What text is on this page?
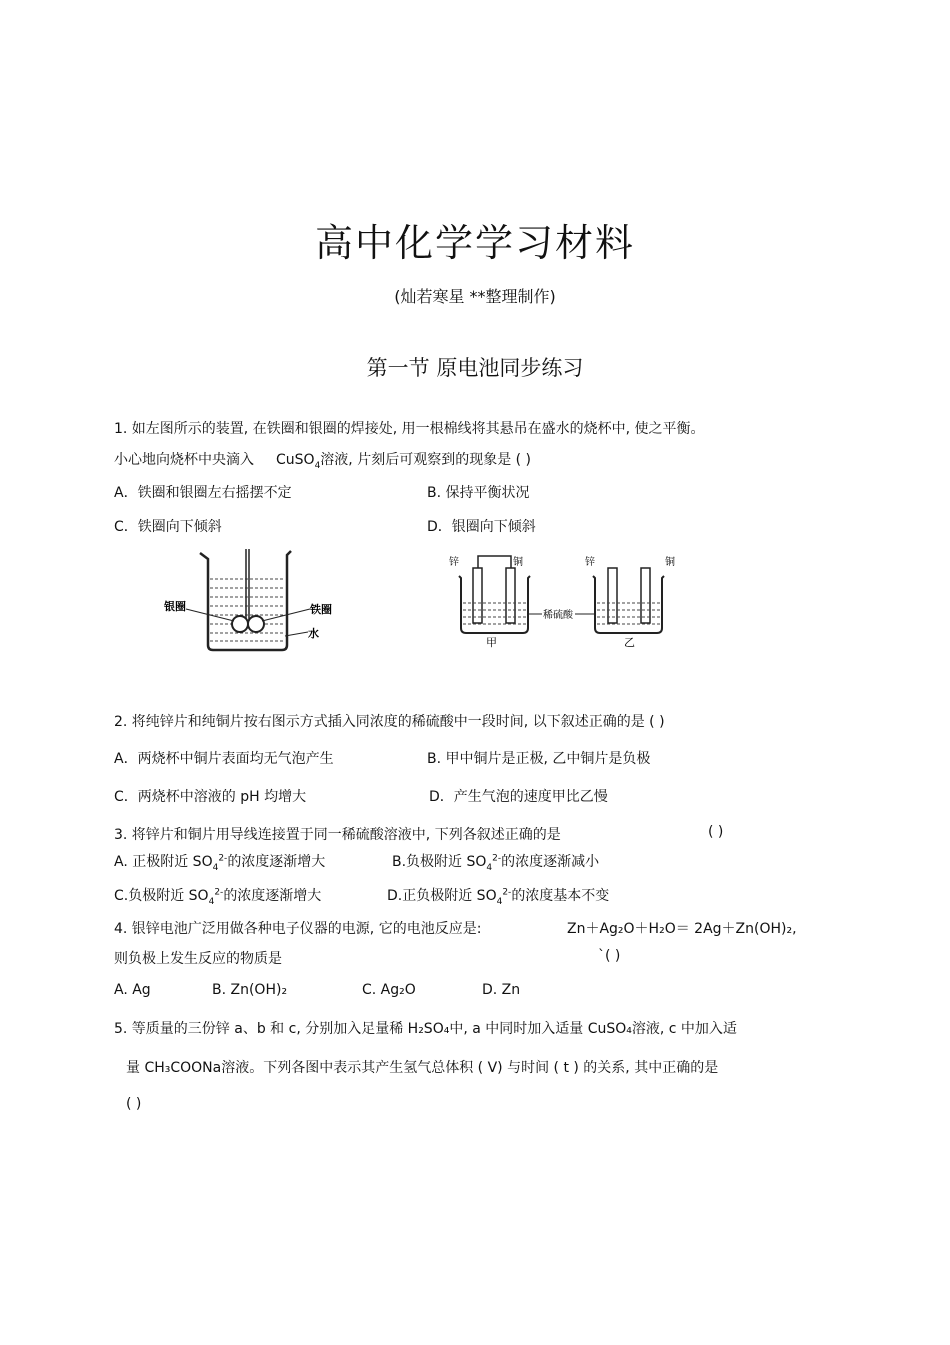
高中化学学习材料
(灿若寒星 **整理制作)
第一节 原电池同步练习
1. 如左图所示的装置, 在铁圈和银圈的焊接处, 用一根棉线将其悬吊在盛水的烧杯中, 使之平衡。
小心地向烧杯中央滴入 CuSO$_4$溶液, 片刻后可观察到的现象是 ( )
A．铁圈和银圈左右摇摆不定	B. 保持平衡状况
C．铁圈向下倾斜	D．银圈向下倾斜
银圈	铁圈
水
锌	铜
甲
稀硫酸
锌	铜
乙
2. 将纯锌片和纯铜片按右图示方式插入同浓度的稀硫酸中一段时间, 以下叙述正确的是 ( )
A．两烧杯中铜片表面均无气泡产生	B. 甲中铜片是正极, 乙中铜片是负极
C．两烧杯中溶液的 pH 均增大	D．产生气泡的速度甲比乙慢
3. 将锌片和铜片用导线连接置于同一稀硫酸溶液中, 下列各叙述正确的是	( )
A. 正极附近 $SO_4^{2-}$的浓度逐渐增大	B.负极附近 $SO_4^{2-}$的浓度逐渐减小
C.负极附近 $SO_4^{2-}$的浓度逐渐增大	D.正负极附近 $SO_4^{2-}$的浓度基本不变
4. 银锌电池广泛用做各种电子仪器的电源, 它的电池反应是:	Zn＋Ag₂O＋H₂O＝ 2Ag＋Zn(OH)₂,
则负极上发生反应的物质是	`( )
A. Ag	B. Zn(OH)₂	C. Ag₂O	D. Zn
5. 等质量的三份锌 a、b 和 c, 分别加入足量稀 H₂SO₄中, a 中同时加入适量 CuSO₄溶液, c 中加入适
量 CH₃COONa溶液。下列各图中表示其产生氢气总体积 ( V) 与时间 ( t ) 的关系, 其中正确的是
( )
